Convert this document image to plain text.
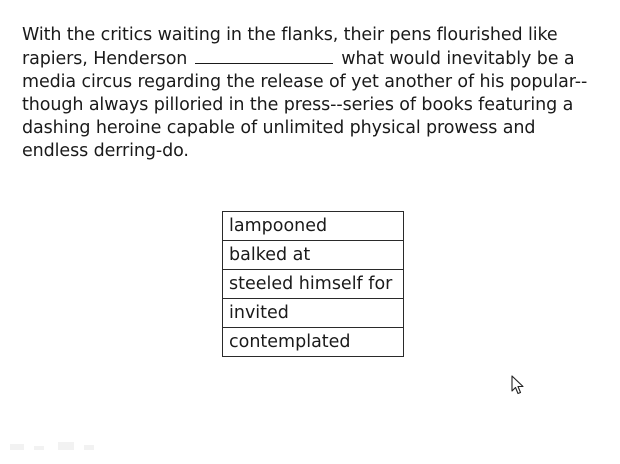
With the critics waiting in the flanks, their pens flourished like rapiers, Henderson	what would inevitably be a media circus regarding the release of yet another of his popular--though always pilloried in the press--series of books featuring a dashing heroine capable of unlimited physical prowess and endless derring-do.

lampooned
balked at
steeled himself for
invited
contemplated
